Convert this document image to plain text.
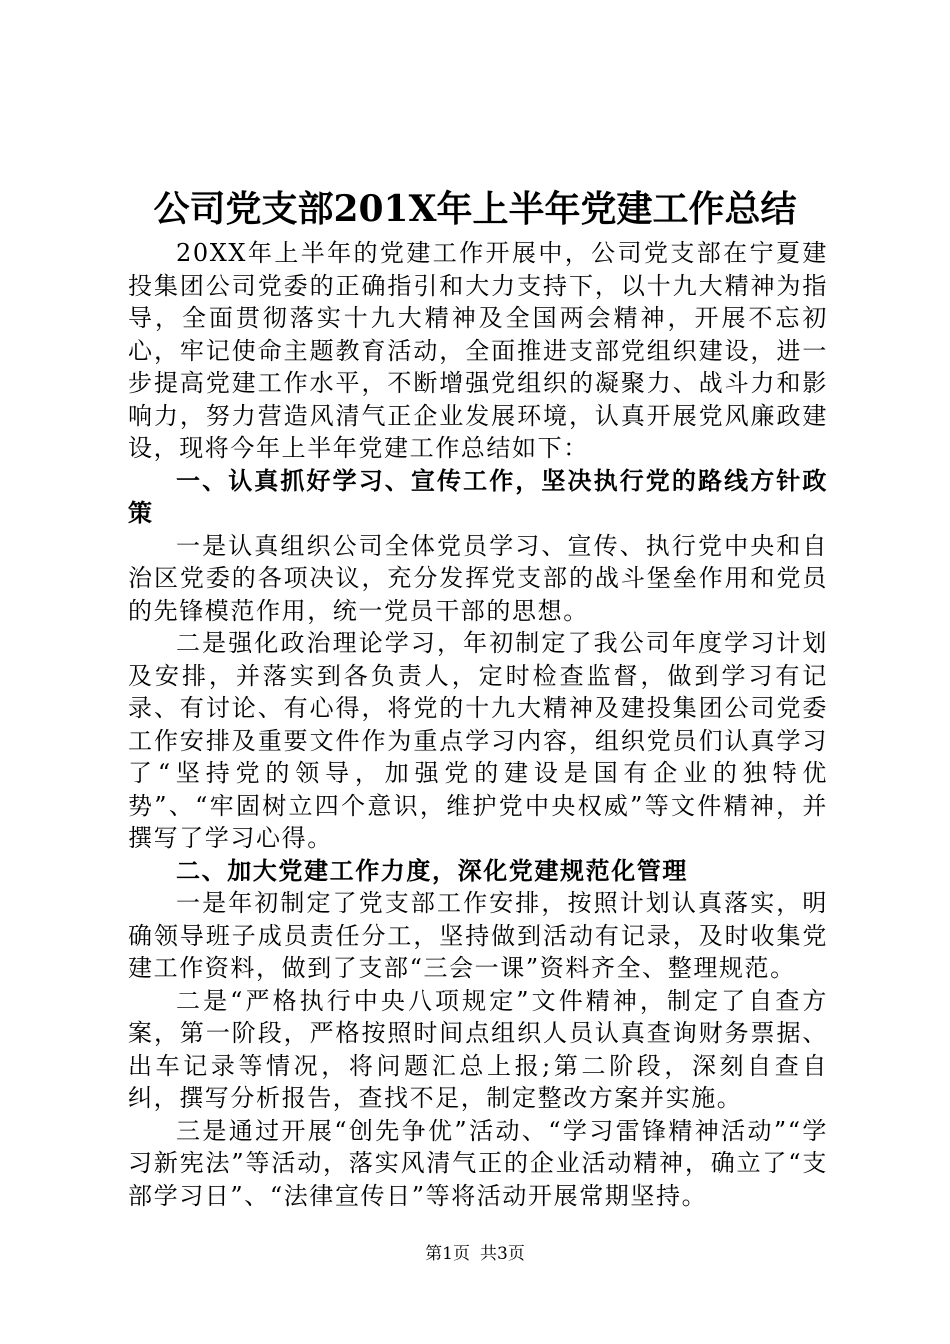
公司党支部201X年上半年党建工作总结

20XX年上半年的党建工作开展中，公司党支部在宁夏建投集团公司党委的正确指引和大力支持下，以十九大精神为指导，全面贯彻落实十九大精神及全国两会精神，开展不忘初心，牢记使命主题教育活动，全面推进支部党组织建设，进一步提高党建工作水平，不断增强党组织的凝聚力、战斗力和影响力，努力营造风清气正企业发展环境，认真开展党风廉政建设，现将今年上半年党建工作总结如下：

一、认真抓好学习、宣传工作，坚决执行党的路线方针政策

一是认真组织公司全体党员学习、宣传、执行党中央和自治区党委的各项决议，充分发挥党支部的战斗堡垒作用和党员的先锋模范作用，统一党员干部的思想。

二是强化政治理论学习，年初制定了我公司年度学习计划及安排，并落实到各负责人，定时检查监督，做到学习有记录、有讨论、有心得，将党的十九大精神及建投集团公司党委工作安排及重要文件作为重点学习内容，组织党员们认真学习了“坚持党的领导，加强党的建设是国有企业的独特优势”、“牢固树立四个意识，维护党中央权威”等文件精神，并撰写了学习心得。

二、加大党建工作力度，深化党建规范化管理

一是年初制定了党支部工作安排，按照计划认真落实，明确领导班子成员责任分工，坚持做到活动有记录，及时收集党建工作资料，做到了支部“三会一课”资料齐全、整理规范。

二是“严格执行中央八项规定”文件精神，制定了自查方案，第一阶段，严格按照时间点组织人员认真查询财务票据、出车记录等情况，将问题汇总上报;第二阶段，深刻自查自纠，撰写分析报告，查找不足，制定整改方案并实施。

三是通过开展“创先争优”活动、“学习雷锋精神活动”“学习新宪法”等活动，落实风清气正的企业活动精神，确立了“支部学习日”、“法律宣传日”等将活动开展常期坚持。

第1页 共3页
